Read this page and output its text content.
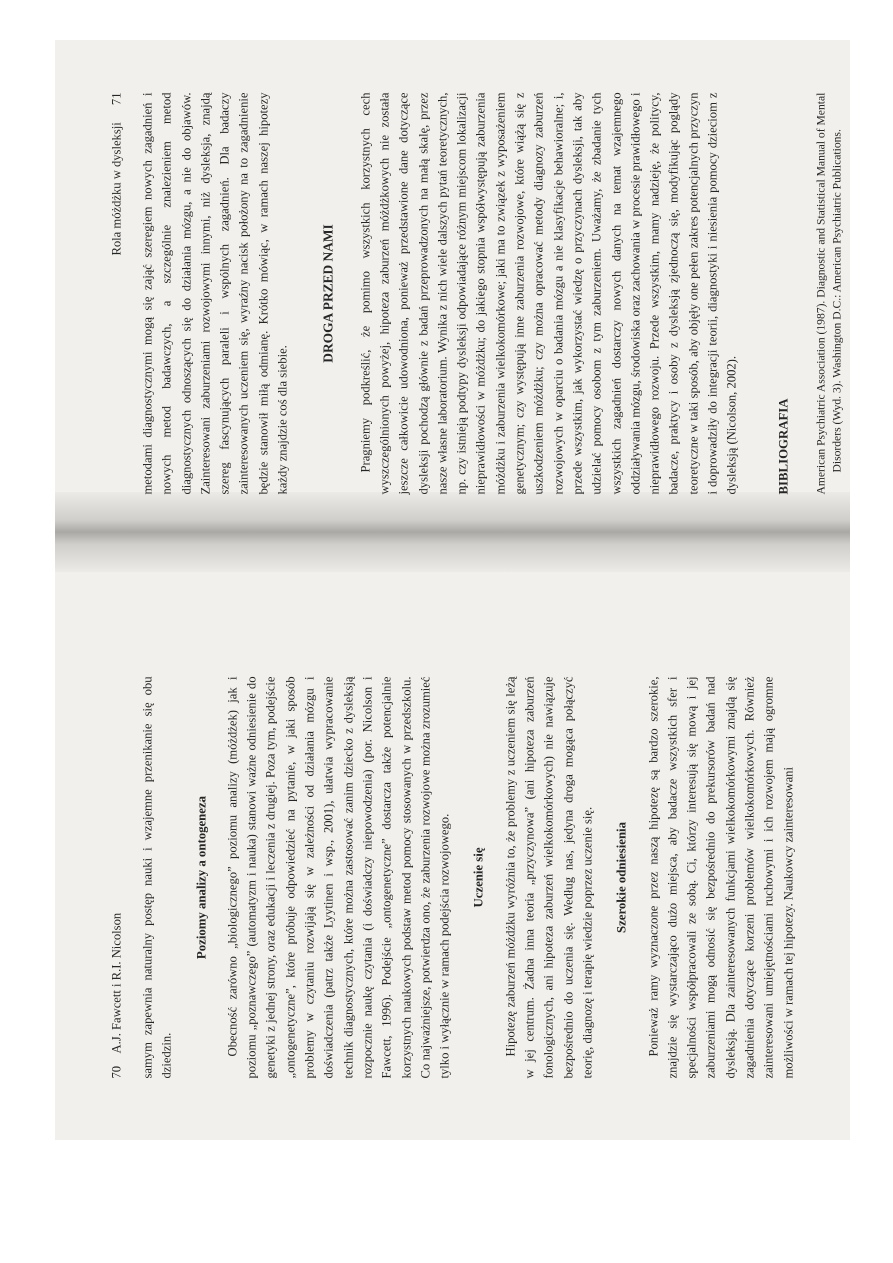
70 A.J. Fawcett i R.I. Nicolson samym zapewnia naturalny postęp nauki i wzajemne przenikanie się obu dziedzin.

Poziomy analizy a ontogeneza Obecność zarówno „biologicznego” poziomu analizy (móżdżek) jak i poziomu „poznawczego” (automatyzm i nauka) stanowi ważne odniesienie do genetyki z jednej strony, oraz edukacji i leczenia z drugiej. Poza tym, podejście „ontogenetyczne”, które próbuje odpowiedzieć na pytanie, w jaki sposób problemy w czytaniu rozwijają się w zależności od działania mózgu i doświadczenia (patrz także Lyytinen i wsp., 2001), ułatwia wypracowanie technik diagnostycznych, które można zastosować zanim dziecko z dysleksją rozpocznie naukę czytania (i doświadczy niepowodzenia) (por. Nicolson i Fawcett, 1996). Podejście „ontogenetyczne” dostarcza także potencjalnie korzystnych naukowych podstaw metod pomocy stosowanych w przedszkolu. Co najważniejsze, potwierdza ono, że zaburzenia rozwojowe można zrozumieć tylko i wyłącznie w ramach podejścia rozwojowego. Uczenie się Hipotezę zaburzeń móżdżku wyróżnia to, że problemy z uczeniem się leżą w jej centrum. Żadna inna teoria „przyczynowa” (ani hipoteza zaburzeń fonologicznych, ani hipoteza zaburzeń wielkokomórkowych) nie nawiązuje bezpośrednio do uczenia się. Według nas, jedyna droga mogąca połączyć teorię, diagnozę i terapię wiedzie poprzez uczenie się. Szerokie odniesienia Ponieważ ramy wyznaczone przez naszą hipotezę są bardzo szerokie, znajdzie się wystarczająco dużo miejsca, aby badacze wszystkich sfer i specjalności współpracowali ze sobą. Ci, którzy interesują się mową i jej zaburzeniami mogą odnosić się bezpośrednio do prekursorów badań nad dysleksją. Dla zainteresowanych funkcjami wielkokomórkowymi znajdą się zagadnienia dotyczące korzeni problemów wielkokomórkowych. Również zainteresowani umiejętnościami ruchowymi i ich rozwojem mają ogromne możliwości w ramach tej hipotezy. Naukowcy zainteresowani

Rola móżdżku w dysleksji 71 metodami diagnostycznymi mogą się zająć szeregiem nowych zagadnień i nowych metod badawczych, a szczególnie znalezieniem metod diagnostycznych odnoszących się do działania mózgu, a nie do objawów. Zainteresowani zaburzeniami rozwojowymi innymi, niż dysleksja, znajdą szereg fascynujących paraleli i wspólnych zagadnień. Dla badaczy zainteresowanych uczeniem się, wyraźny nacisk położony na to zagadnienie będzie stanowił miłą odmianę. Krótko mówiąc, w ramach naszej hipotezy każdy znajdzie coś dla siebie.

DROGA PRZED NAMI Pragniemy podkreślić, że pomimo wszystkich korzystnych cech wyszczególnionych powyżej, hipoteza zaburzeń móżdżkowych nie została jeszcze całkowicie udowodniona, ponieważ przedstawione dane dotyczące dysleksji pochodzą głównie z badań przeprowadzonych na małą skalę, przez nasze własne laboratorium. Wynika z nich wiele dalszych pytań teoretycznych, np. czy istnieją podtypy dysleksji odpowiadające różnym miejscom lokalizacji nieprawidłowości w móżdżku; do jakiego stopnia współwystępują zaburzenia móżdżku i zaburzenia wielkokomórkowe; jaki ma to związek z wyposażeniem genetycznym; czy występują inne zaburzenia rozwojowe, które wiążą się z uszkodzeniem móżdżku; czy można opracować metody diagnozy zaburzeń rozwojowych w oparciu o badania mózgu a nie klasyfikacje behawioralne; i, przede wszystkim, jak wykorzystać wiedzę o przyczynach dysleksji, tak aby udzielać pomocy osobom z tym zaburzeniem. Uważamy, że zbadanie tych wszystkich zagadnień dostarczy nowych danych na temat wzajemnego oddziaływania mózgu, środowiska oraz zachowania w procesie prawidłowego i nieprawidłowego rozwoju. Przede wszystkim, mamy nadzieję, że politycy, badacze, praktycy i osoby z dysleksją zjednoczą się, modyfikując poglądy teoretyczne w taki sposób, aby objęły one pełen zakres potencjalnych przyczyn i doprowadziły do integracji teorii, diagnostyki i niesienia pomocy dzieciom z dysleksją (Nicolson, 2002).	BIBLIOGRAFIA American Psychiatric Association (1987). Diagnostic and Statistical Manual of Mental Disorders (Wyd. 3). Washington D.C.: American Psychiatric Publications.
